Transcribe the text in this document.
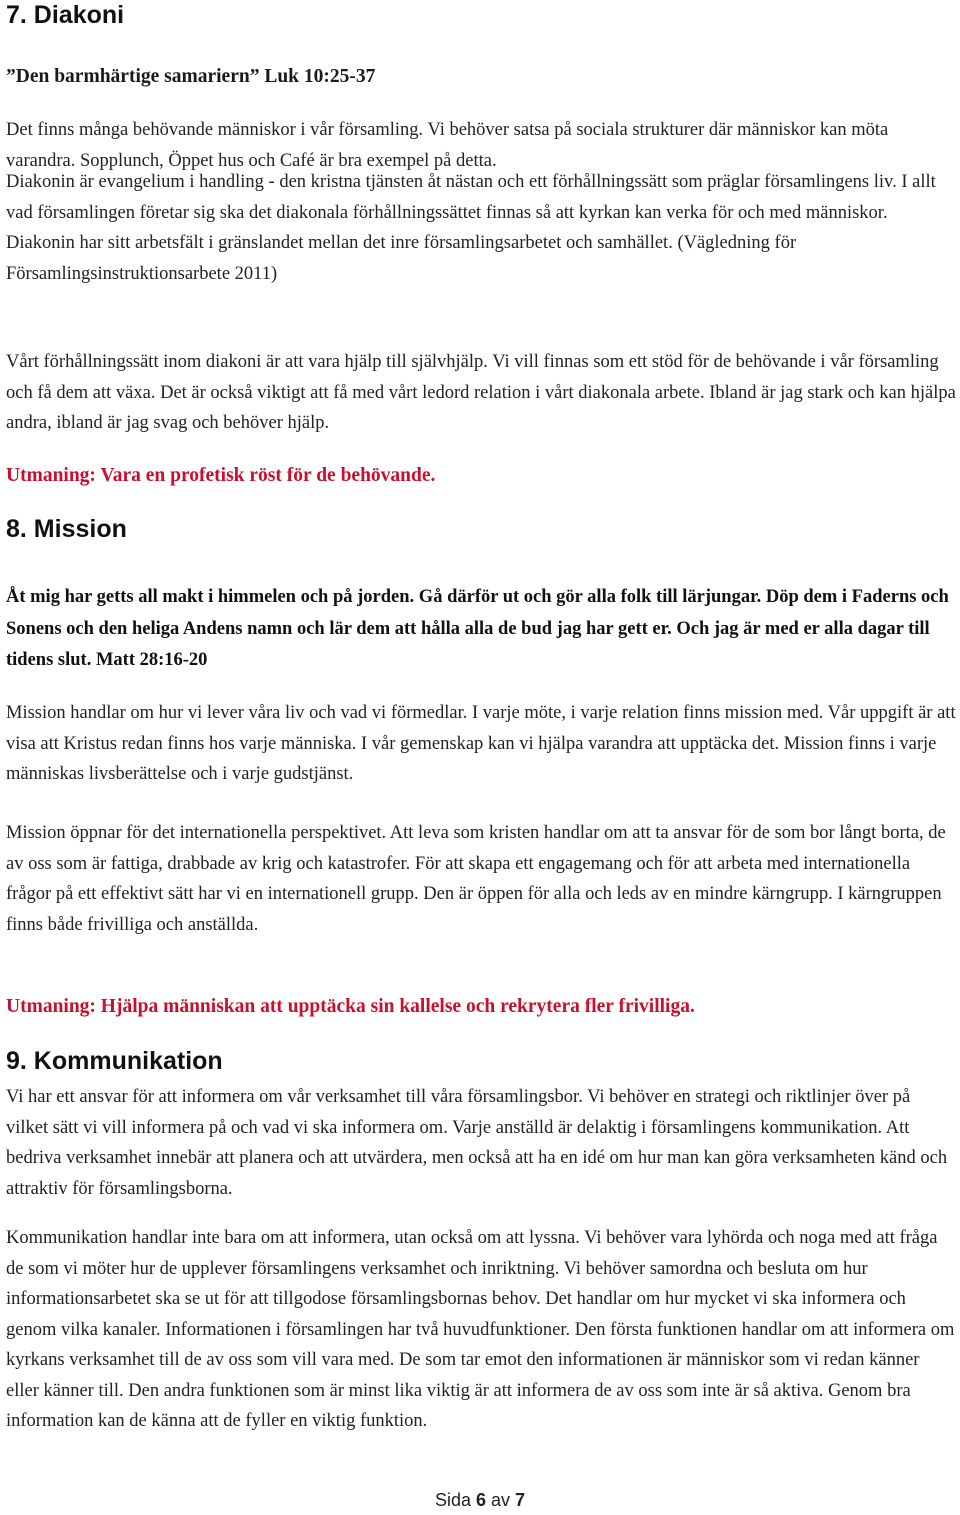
7. Diakoni

”Den barmhärtige samariern” Luk 10:25-37

Det finns många behövande människor i vår församling. Vi behöver satsa på sociala strukturer där människor kan möta varandra. Sopplunch, Öppet hus och Café är bra exempel på detta.

Diakonin är evangelium i handling - den kristna tjänsten åt nästan och ett förhållningssätt som präglar församlingens liv. I allt vad församlingen företar sig ska det diakonala förhållningssättet finnas så att kyrkan kan verka för och med människor. Diakonin har sitt arbetsfält i gränslandet mellan det inre församlingsarbetet och samhället. (Vägledning för Församlingsinstruktionsarbete 2011)

Vårt förhållningssätt inom diakoni är att vara hjälp till självhjälp. Vi vill finnas som ett stöd för de behövande i vår församling och få dem att växa. Det är också viktigt att få med vårt ledord relation i vårt diakonala arbete. Ibland är jag stark och kan hjälpa andra, ibland är jag svag och behöver hjälp.

Utmaning: Vara en profetisk röst för de behövande.

8. Mission

Åt mig har getts all makt i himmelen och på jorden. Gå därför ut och gör alla folk till lärjungar. Döp dem i Faderns och Sonens och den heliga Andens namn och lär dem att hålla alla de bud jag har gett er. Och jag är med er alla dagar till tidens slut. Matt 28:16-20

Mission handlar om hur vi lever våra liv och vad vi förmedlar. I varje möte, i varje relation finns mission med. Vår uppgift är att visa att Kristus redan finns hos varje människa. I vår gemenskap kan vi hjälpa varandra att upptäcka det. Mission finns i varje människas livsberättelse och i varje gudstjänst.

Mission öppnar för det internationella perspektivet. Att leva som kristen handlar om att ta ansvar för de som bor långt borta, de av oss som är fattiga, drabbade av krig och katastrofer. För att skapa ett engagemang och för att arbeta med internationella frågor på ett effektivt sätt har vi en internationell grupp. Den är öppen för alla och leds av en mindre kärngrupp. I kärngruppen finns både frivilliga och anställda.

Utmaning: Hjälpa människan att upptäcka sin kallelse och rekrytera fler frivilliga.

9. Kommunikation

Vi har ett ansvar för att informera om vår verksamhet till våra församlingsbor. Vi behöver en strategi och riktlinjer över på vilket sätt vi vill informera på och vad vi ska informera om. Varje anställd är delaktig i församlingens kommunikation. Att bedriva verksamhet innebär att planera och att utvärdera, men också att ha en idé om hur man kan göra verksamheten känd och attraktiv för församlingsborna.

Kommunikation handlar inte bara om att informera, utan också om att lyssna. Vi behöver vara lyhörda och noga med att fråga de som vi möter hur de upplever församlingens verksamhet och inriktning. Vi behöver samordna och besluta om hur informationsarbetet ska se ut för att tillgodose församlingsbornas behov. Det handlar om hur mycket vi ska informera och genom vilka kanaler. Informationen i församlingen har två huvudfunktioner. Den första funktionen handlar om att informera om kyrkans verksamhet till de av oss som vill vara med. De som tar emot den informationen är människor som vi redan känner eller känner till. Den andra funktionen som är minst lika viktig är att informera de av oss som inte är så aktiva. Genom bra information kan de känna att de fyller en viktig funktion.

Sida 6 av 7
